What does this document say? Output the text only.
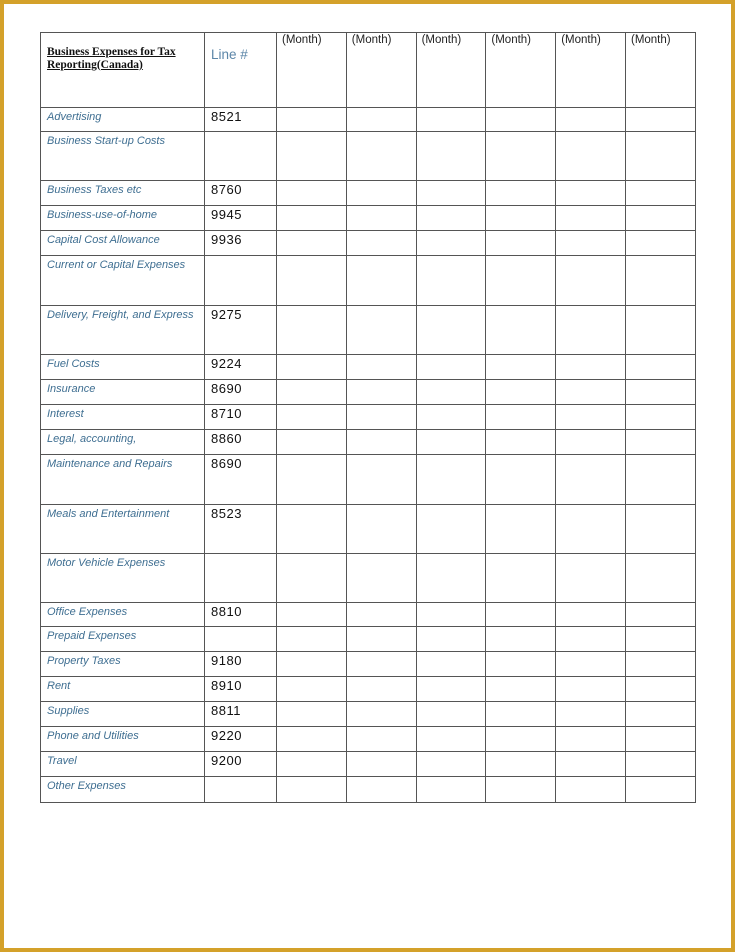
Business Expenses for Tax Reporting(Canada)	Line #	(Month)	(Month)	(Month)	(Month)	(Month)	(Month)
Advertising	8521						
Business Start-up Costs							
Business Taxes etc	8760						
Business-use-of-home	9945						
Capital Cost Allowance	9936						
Current or Capital Expenses							
Delivery, Freight, and Express	9275						
Fuel Costs	9224						
Insurance	8690						
Interest	8710						
Legal, accounting,	8860						
Maintenance and Repairs	8690						
Meals and Entertainment	8523						
Motor Vehicle Expenses							
Office Expenses	8810						
Prepaid Expenses							
Property Taxes	9180						
Rent	8910						
Supplies	8811						
Phone and Utilities	9220						
Travel	9200						
Other Expenses							
